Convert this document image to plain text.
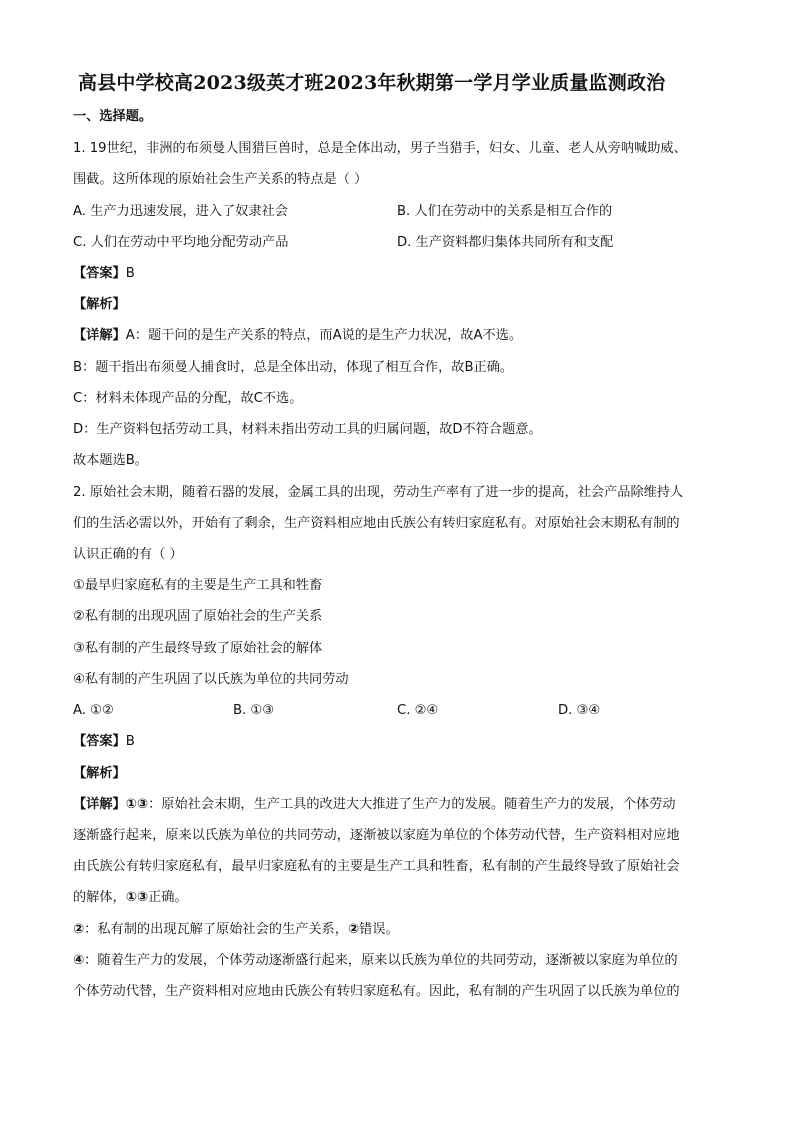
高县中学校高2023级英才班2023年秋期第一学月学业质量监测政治
一、选择题。
1. 19世纪，非洲的布须曼人围猎巨兽时，总是全体出动，男子当猎手，妇女、儿童、老人从旁呐喊助威、
围截。这所体现的原始社会生产关系的特点是（ ）
A. 生产力迅速发展，进入了奴隶社会	B. 人们在劳动中的关系是相互合作的
C. 人们在劳动中平均地分配劳动产品	D. 生产资料都归集体共同所有和支配
【答案】B
【解析】
【详解】A：题干问的是生产关系的特点，而A说的是生产力状况，故A不选。
B：题干指出布须曼人捕食时，总是全体出动，体现了相互合作，故B正确。
C：材料未体现产品的分配，故C不选。
D：生产资料包括劳动工具，材料未指出劳动工具的归属问题，故D不符合题意。
故本题选B。
2. 原始社会末期，随着石器的发展，金属工具的出现，劳动生产率有了进一步的提高，社会产品除维持人
们的生活必需以外，开始有了剩余，生产资料相应地由氏族公有转归家庭私有。对原始社会末期私有制的
认识正确的有（ ）
①最早归家庭私有的主要是生产工具和牲畜
②私有制的出现巩固了原始社会的生产关系
③私有制的产生最终导致了原始社会的解体
④私有制的产生巩固了以氏族为单位的共同劳动
A. ①②	B. ①③	C. ②④	D. ③④
【答案】B
【解析】
【详解】①③：原始社会末期，生产工具的改进大大推进了生产力的发展。随着生产力的发展，个体劳动
逐渐盛行起来，原来以氏族为单位的共同劳动，逐渐被以家庭为单位的个体劳动代替，生产资料相对应地
由氏族公有转归家庭私有，最早归家庭私有的主要是生产工具和牲畜，私有制的产生最终导致了原始社会
的解体，①③正确。
②：私有制的出现瓦解了原始社会的生产关系，②错误。
④：随着生产力的发展，个体劳动逐渐盛行起来，原来以氏族为单位的共同劳动，逐渐被以家庭为单位的
个体劳动代替，生产资料相对应地由氏族公有转归家庭私有。因此，私有制的产生巩固了以氏族为单位的
